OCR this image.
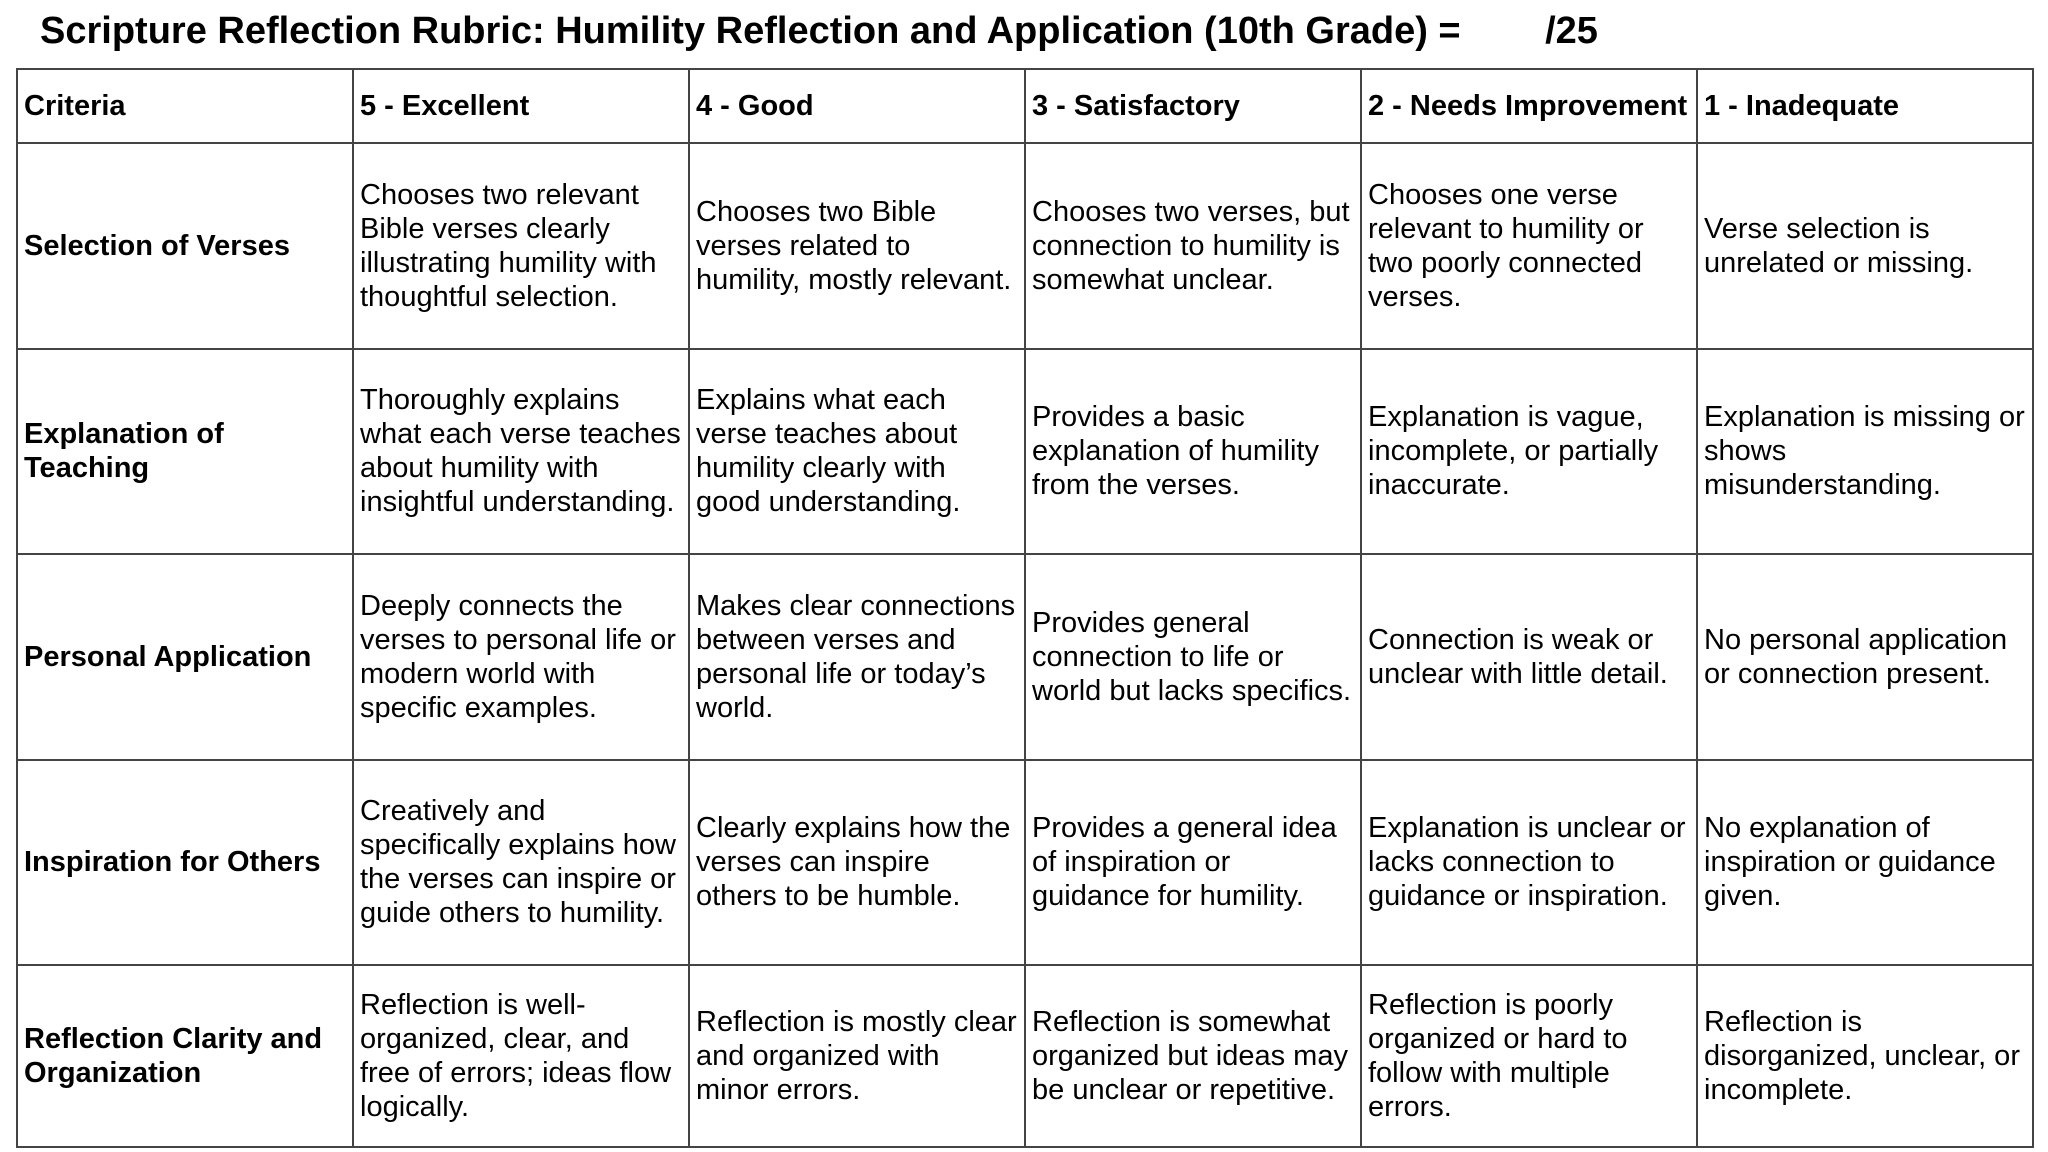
Scripture Reflection Rubric: Humility Reflection and Application (10th Grade) =        /25
Criteria	5 - Excellent	4 - Good	3 - Satisfactory	2 - Needs Improvement	1 - Inadequate
Selection of Verses	Chooses two relevant Bible verses clearly illustrating humility with thoughtful selection.	Chooses two Bible verses related to humility, mostly relevant.	Chooses two verses, but connection to humility is somewhat unclear.	Chooses one verse relevant to humility or two poorly connected verses.	Verse selection is unrelated or missing.
Explanation of Teaching	Thoroughly explains what each verse teaches about humility with insightful understanding.	Explains what each verse teaches about humility clearly with good understanding.	Provides a basic explanation of humility from the verses.	Explanation is vague, incomplete, or partially inaccurate.	Explanation is missing or shows misunderstanding.
Personal Application	Deeply connects the verses to personal life or modern world with specific examples.	Makes clear connections between verses and personal life or today’s world.	Provides general connection to life or world but lacks specifics.	Connection is weak or unclear with little detail.	No personal application or connection present.
Inspiration for Others	Creatively and specifically explains how the verses can inspire or guide others to humility.	Clearly explains how the verses can inspire others to be humble.	Provides a general idea of inspiration or guidance for humility.	Explanation is unclear or lacks connection to guidance or inspiration.	No explanation of inspiration or guidance given.
Reflection Clarity and Organization	Reflection is well-organized, clear, and free of errors; ideas flow logically.	Reflection is mostly clear and organized with minor errors.	Reflection is somewhat organized but ideas may be unclear or repetitive.	Reflection is poorly organized or hard to follow with multiple errors.	Reflection is disorganized, unclear, or incomplete.
